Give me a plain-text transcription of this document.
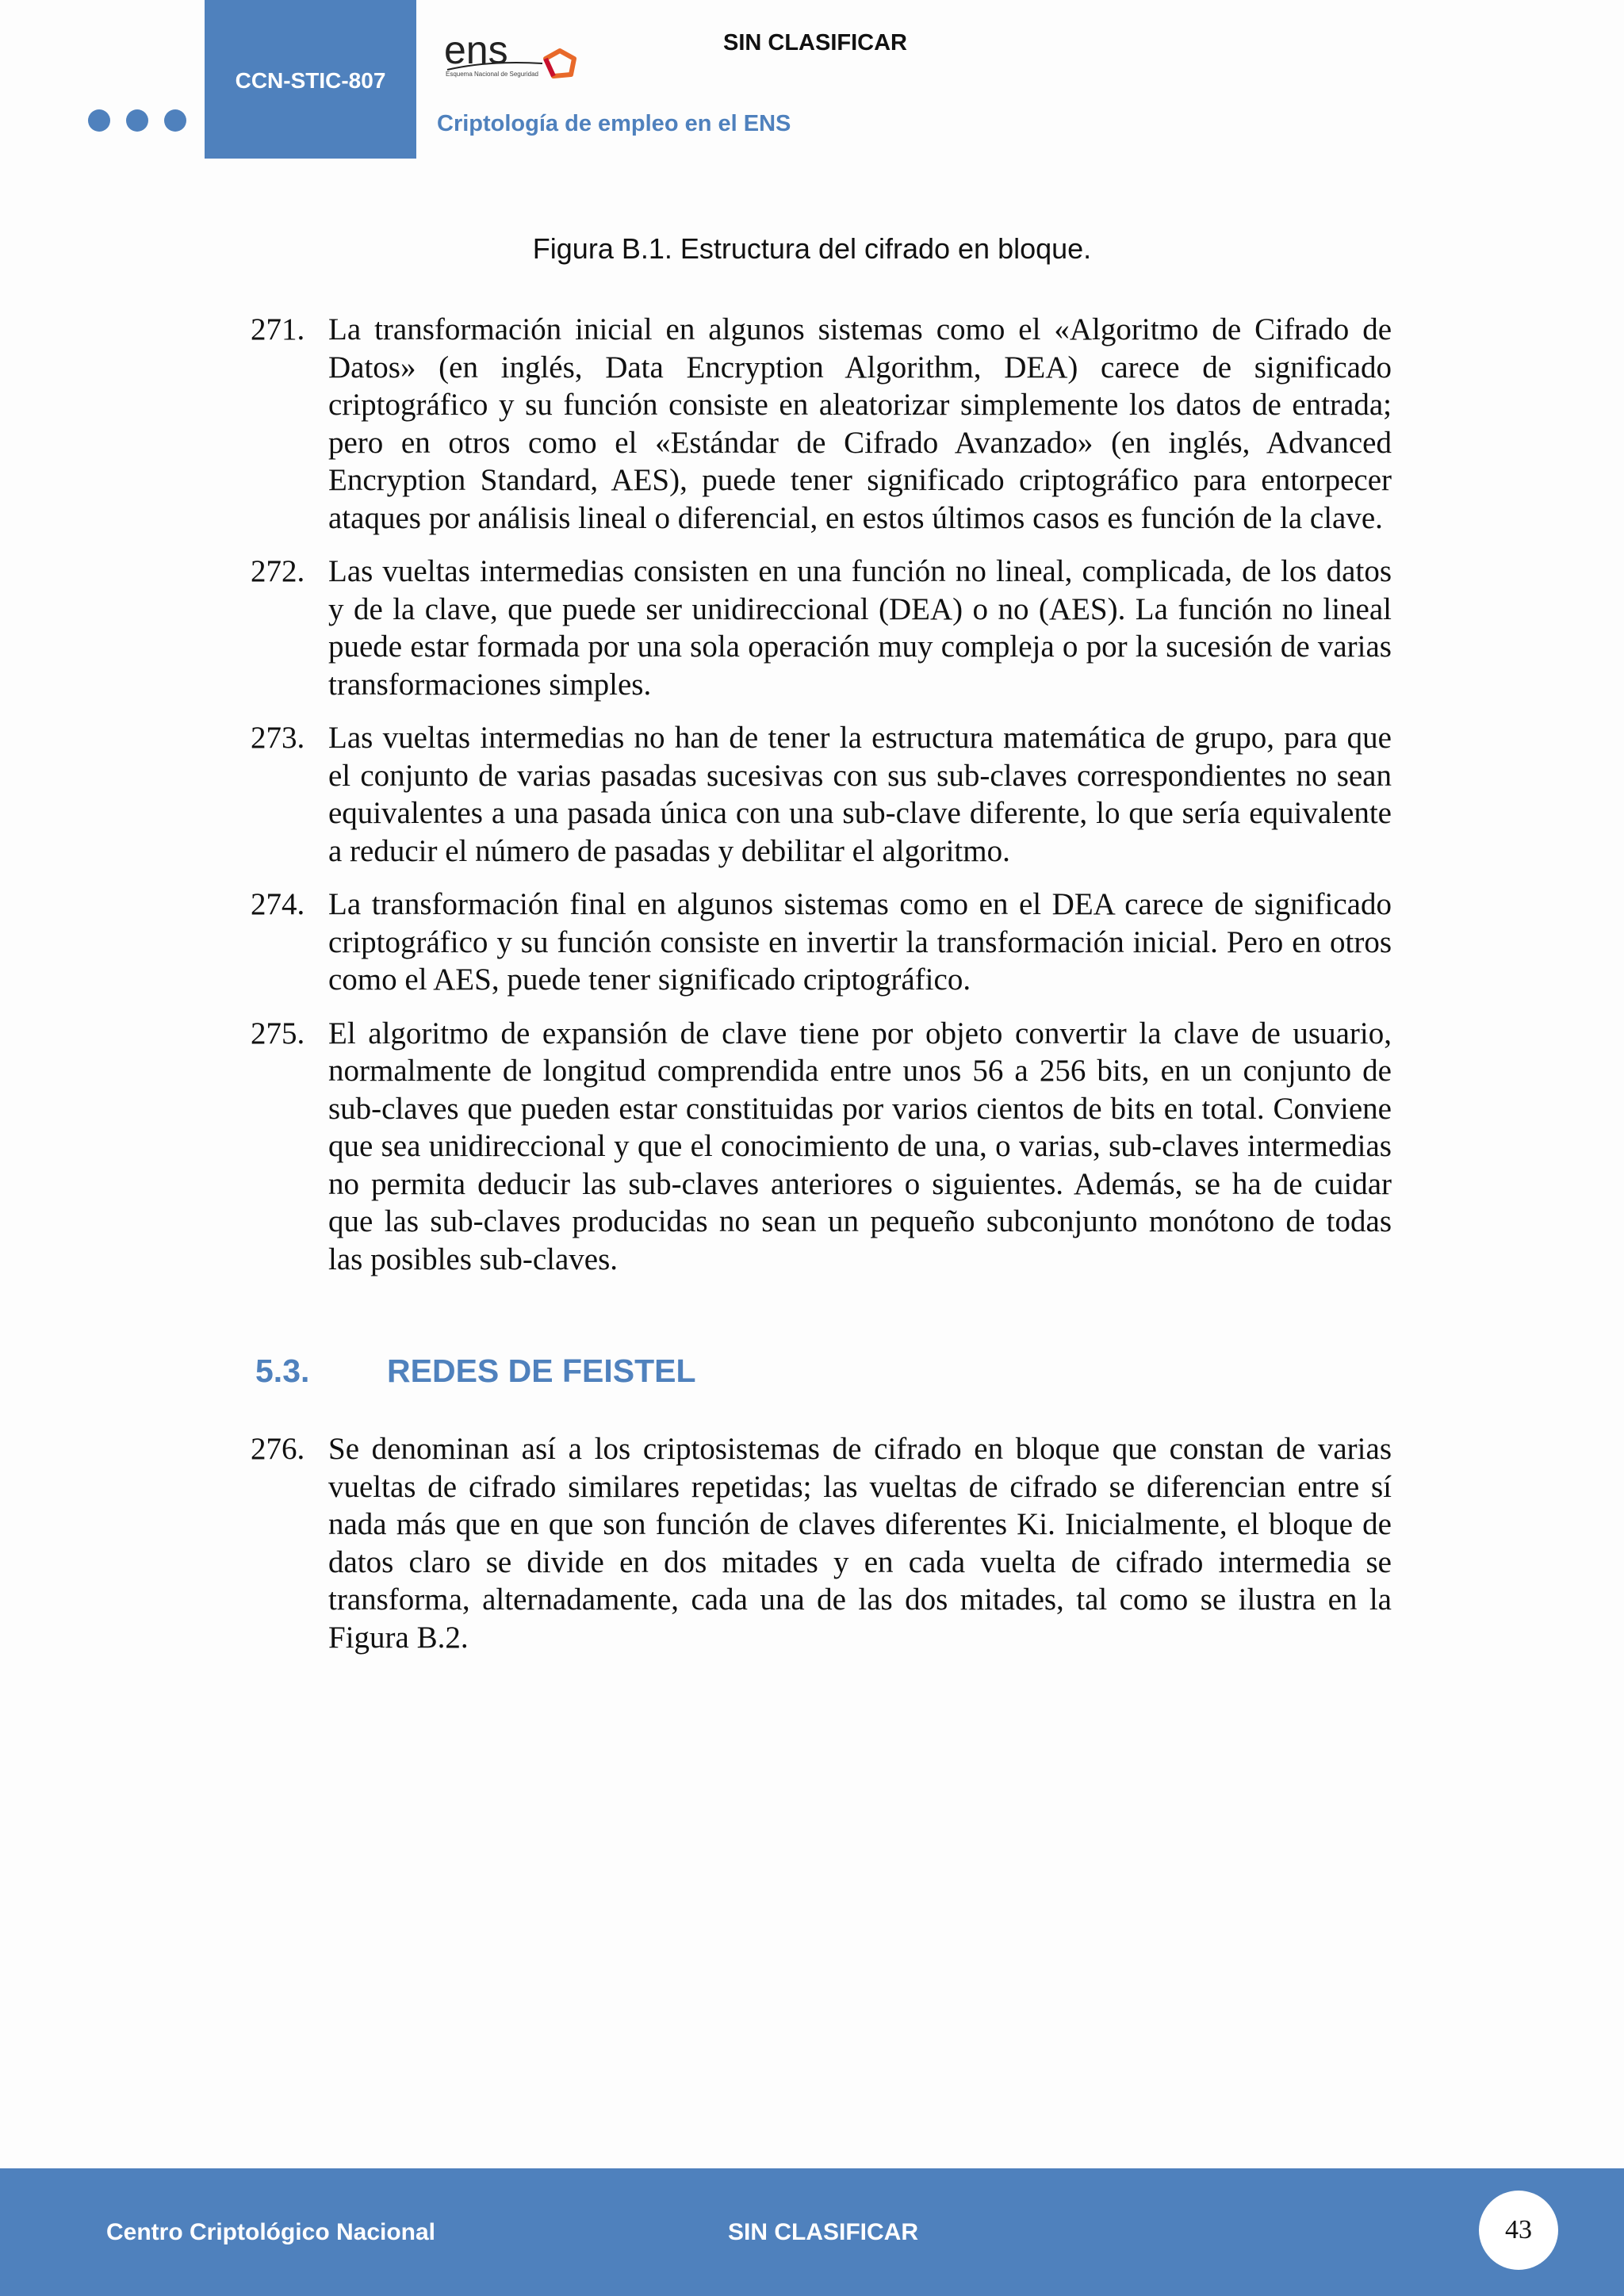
CCN-STIC-807
ens
Esquema Nacional de Seguridad
SIN CLASIFICAR
Criptología de empleo en el ENS
Figura B.1. Estructura del cifrado en bloque.
271. La transformación inicial en algunos sistemas como el «Algoritmo de Cifrado de Datos» (en inglés, Data Encryption Algorithm, DEA) carece de significado criptográfico y su función consiste en aleatorizar simplemente los datos de entrada; pero en otros como el «Estándar de Cifrado Avanzado» (en inglés, Advanced Encryption Standard, AES), puede tener significado criptográfico para entorpecer ataques por análisis lineal o diferencial, en estos últimos casos es función de la clave.
272. Las vueltas intermedias consisten en una función no lineal, complicada, de los datos y de la clave, que puede ser unidireccional (DEA) o no (AES). La función no lineal puede estar formada por una sola operación muy compleja o por la sucesión de varias transformaciones simples.
273. Las vueltas intermedias no han de tener la estructura matemática de grupo, para que el conjunto de varias pasadas sucesivas con sus sub-claves correspondientes no sean equivalentes a una pasada única con una sub-clave diferente, lo que sería equivalente a reducir el número de pasadas y debilitar el algoritmo.
274. La transformación final en algunos sistemas como en el DEA carece de significado criptográfico y su función consiste en invertir la transformación inicial. Pero en otros como el AES, puede tener significado criptográfico.
275. El algoritmo de expansión de clave tiene por objeto convertir la clave de usuario, normalmente de longitud comprendida entre unos 56 a 256 bits, en un conjunto de sub-claves que pueden estar constituidas por varios cientos de bits en total. Conviene que sea unidireccional y que el conocimiento de una, o varias, sub-claves intermedias no permita deducir las sub-claves anteriores o siguientes. Además, se ha de cuidar que las sub-claves producidas no sean un pequeño subconjunto monótono de todas las posibles sub-claves.
5.3. REDES DE FEISTEL
276. Se denominan así a los criptosistemas de cifrado en bloque que constan de varias vueltas de cifrado similares repetidas; las vueltas de cifrado se diferencian entre sí nada más que en que son función de claves diferentes Ki. Inicialmente, el bloque de datos claro se divide en dos mitades y en cada vuelta de cifrado intermedia se transforma, alternadamente, cada una de las dos mitades, tal como se ilustra en la Figura B.2.
Centro Criptológico Nacional	SIN CLASIFICAR	43
